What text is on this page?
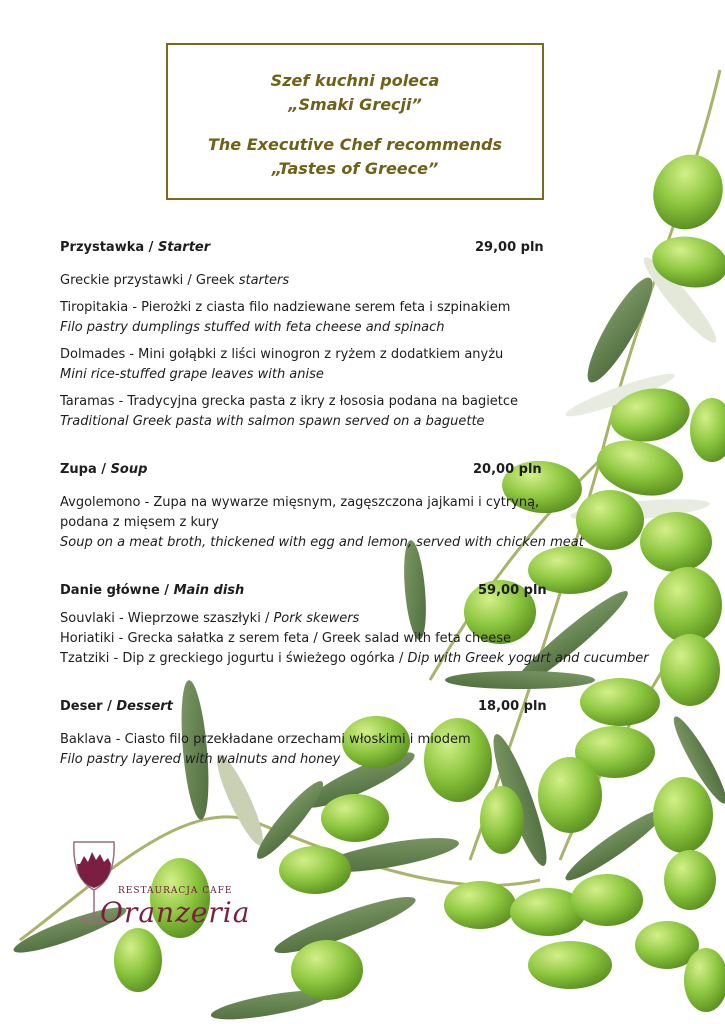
Szef kuchni poleca
„Smaki Grecji”
The Executive Chef recommends
„Tastes of Greece”
Przystawka / Starter	29,00 pln
Greckie przystawki / Greek starters
Tiropitakia - Pierożki z ciasta filo nadziewane serem feta i szpinakiem
Filo pastry dumplings stuffed with feta cheese and spinach
Dolmades - Mini gołąbki z liści winogron z ryżem z dodatkiem anyżu
Mini rice-stuffed grape leaves with anise
Taramas - Tradycyjna grecka pasta z ikry z łososia podana na bagietce
Traditional Greek pasta with salmon spawn served on a baguette
Zupa / Soup	20,00 pln
Avgolemono - Zupa na wywarze mięsnym, zagęszczona jajkami i cytryną,
podana z mięsem z kury
Soup on a meat broth, thickened with egg and lemon, served with chicken meat
Danie główne / Main dish	59,00 pln
Souvlaki - Wieprzowe szaszłyki / Pork skewers
Horiatiki - Grecka sałatka z serem feta / Greek salad with feta cheese
Tzatziki - Dip z greckiego jogurtu i świeżego ogórka / Dip with Greek yogurt and cucumber
Deser / Dessert	18,00 pln
Baklava - Ciasto filo przekładane orzechami włoskimi i miodem
Filo pastry layered with walnuts and honey
RESTAURACJA CAFE
Oranzeria
